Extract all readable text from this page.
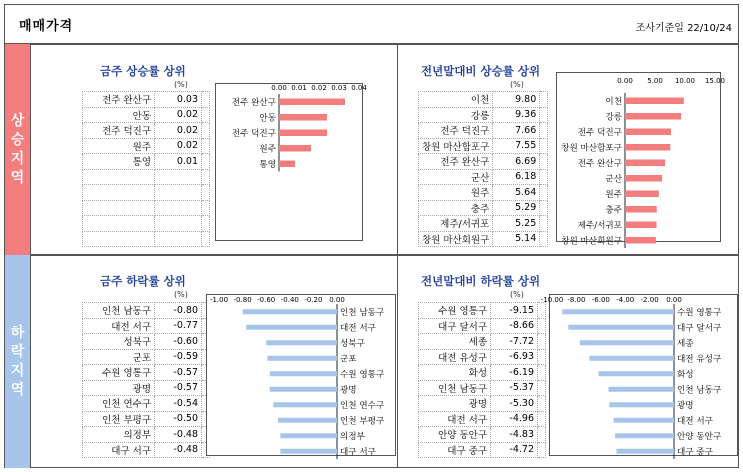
매매가격	조사기준일 22/10/24
상
승
지
역
하
락
지
역
금주 상승률 상위
(%)
전주 완산구	0.03	
안동	0.02	
전주 덕진구	0.02	
원주	0.02	
통영	0.01	

0.00 0.01 0.02 0.03 0.04
전주 완산구
안동
전주 덕진구
원주
통영
전년말대비 상승률 상위
(%)
이천	9.80	
강릉	9.36	
전주 덕진구	7.66	
창원 마산합포구	7.55	
전주 완산구	6.69	
군산	6.18	
원주	5.64	
충주	5.29	
제주/서귀포	5.25	
창원 마산회원구	5.14	
0.00 5.00 10.00 15.00
이천
강릉
전주 덕진구
창원 마산합포구
전주 완산구
군산
원주
충주
제주/서귀포
창원 마산회원구
금주 하락률 상위
(%)
인천 남동구	-0.80	
대전 서구	-0.77	
성북구	-0.60	
군포	-0.59	
수원 영통구	-0.57	
광명	-0.57	
인천 연수구	-0.54	
인천 부평구	-0.50	
의정부	-0.48	
대구 서구	-0.48	
-1.00 -0.80 -0.60 -0.40 -0.20 0.00
인천 남동구
대전 서구
성북구
군포
수원 영통구
광명
인천 연수구
인천 부평구
의정부
대구 서구
전년말대비 하락률 상위
(%)
수원 영통구	-9.15	
대구 달서구	-8.66	
세종	-7.72	
대전 유성구	-6.93	
화성	-6.19	
인천 남동구	-5.37	
광명	-5.30	
대전 서구	-4.96	
안양 동안구	-4.83	
대구 중구	-4.72	
-10.00 -8.00 -6.00 -4.00 -2.00 0.00
수원 영통구
대구 달서구
세종
대전 유성구
화성
인천 남동구
광명
대전 서구
안양 동안구
대구 중구
